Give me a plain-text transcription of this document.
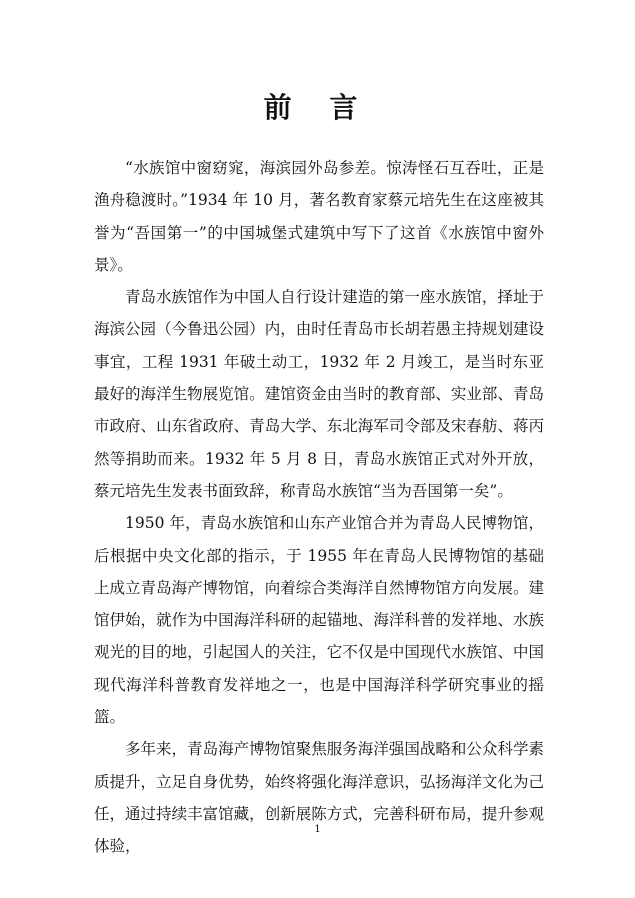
前 言

“水族馆中窗窈窕，海滨园外岛参差。惊涛怪石互吞吐，正是渔舟稳渡时。”1934 年 10 月，著名教育家蔡元培先生在这座被其誉为“吾国第一”的中国城堡式建筑中写下了这首《水族馆中窗外景》。

青岛水族馆作为中国人自行设计建造的第一座水族馆，择址于海滨公园（今鲁迅公园）内，由时任青岛市长胡若愚主持规划建设事宜，工程 1931 年破土动工，1932 年 2 月竣工，是当时东亚最好的海洋生物展览馆。建馆资金由当时的教育部、实业部、青岛市政府、山东省政府、青岛大学、东北海军司令部及宋春舫、蒋丙然等捐助而来。1932 年 5 月 8 日，青岛水族馆正式对外开放，蔡元培先生发表书面致辞，称青岛水族馆“当为吾国第一矣”。

1950 年，青岛水族馆和山东产业馆合并为青岛人民博物馆，后根据中央文化部的指示，于 1955 年在青岛人民博物馆的基础上成立青岛海产博物馆，向着综合类海洋自然博物馆方向发展。建馆伊始，就作为中国海洋科研的起锚地、海洋科普的发祥地、水族观光的目的地，引起国人的关注，它不仅是中国现代水族馆、中国现代海洋科普教育发祥地之一，也是中国海洋科学研究事业的摇篮。

多年来，青岛海产博物馆聚焦服务海洋强国战略和公众科学素质提升，立足自身优势，始终将强化海洋意识，弘扬海洋文化为己任，通过持续丰富馆藏，创新展陈方式，完善科研布局，提升参观体验，

1
